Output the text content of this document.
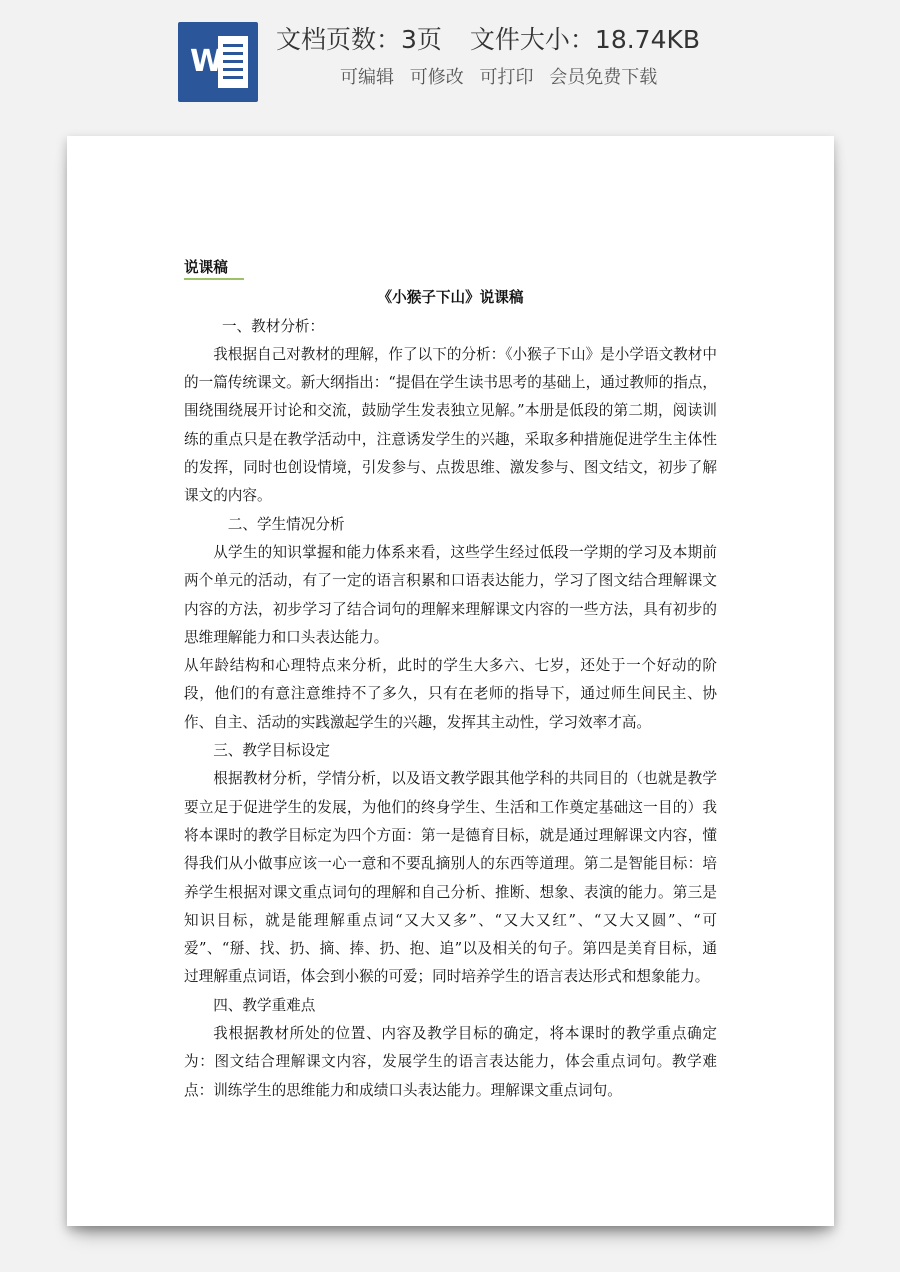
W
文档页数：3页 文件大小：18.74KB
可编辑 可修改 可打印 会员免费下载
说课稿
《小猴子下山》说课稿

一、教材分析：

我根据自己对教材的理解，作了以下的分析：《小猴子下山》是小学语文教材中的一篇传统课文。新大纲指出：“提倡在学生读书思考的基础上，通过教师的指点，围绕围绕展开讨论和交流，鼓励学生发表独立见解。”本册是低段的第二期，阅读训练的重点只是在教学活动中，注意诱发学生的兴趣，采取多种措施促进学生主体性的发挥，同时也创设情境，引发参与、点拨思维、激发参与、图文结文，初步了解课文的内容。

二、学生情况分析

从学生的知识掌握和能力体系来看，这些学生经过低段一学期的学习及本期前两个单元的活动，有了一定的语言积累和口语表达能力，学习了图文结合理解课文内容的方法，初步学习了结合词句的理解来理解课文内容的一些方法，具有初步的思维理解能力和口头表达能力。

从年龄结构和心理特点来分析，此时的学生大多六、七岁，还处于一个好动的阶段，他们的有意注意维持不了多久，只有在老师的指导下，通过师生间民主、协作、自主、活动的实践激起学生的兴趣，发挥其主动性，学习效率才高。

三、教学目标设定

根据教材分析，学情分析，以及语文教学跟其他学科的共同目的（也就是教学要立足于促进学生的发展，为他们的终身学生、生活和工作奠定基础这一目的）我将本课时的教学目标定为四个方面：第一是德育目标，就是通过理解课文内容，懂得我们从小做事应该一心一意和不要乱摘别人的东西等道理。第二是智能目标：培养学生根据对课文重点词句的理解和自己分析、推断、想象、表演的能力。第三是知识目标，就是能理解重点词“又大又多”、“又大又红”、“又大又圆”、“可爱”、“掰、找、扔、摘、捧、扔、抱、追”以及相关的句子。第四是美育目标，通过理解重点词语，体会到小猴的可爱；同时培养学生的语言表达形式和想象能力。

四、教学重难点

我根据教材所处的位置、内容及教学目标的确定，将本课时的教学重点确定为：图文结合理解课文内容，发展学生的语言表达能力，体会重点词句。教学难点：训练学生的思维能力和成绩口头表达能力。理解课文重点词句。
